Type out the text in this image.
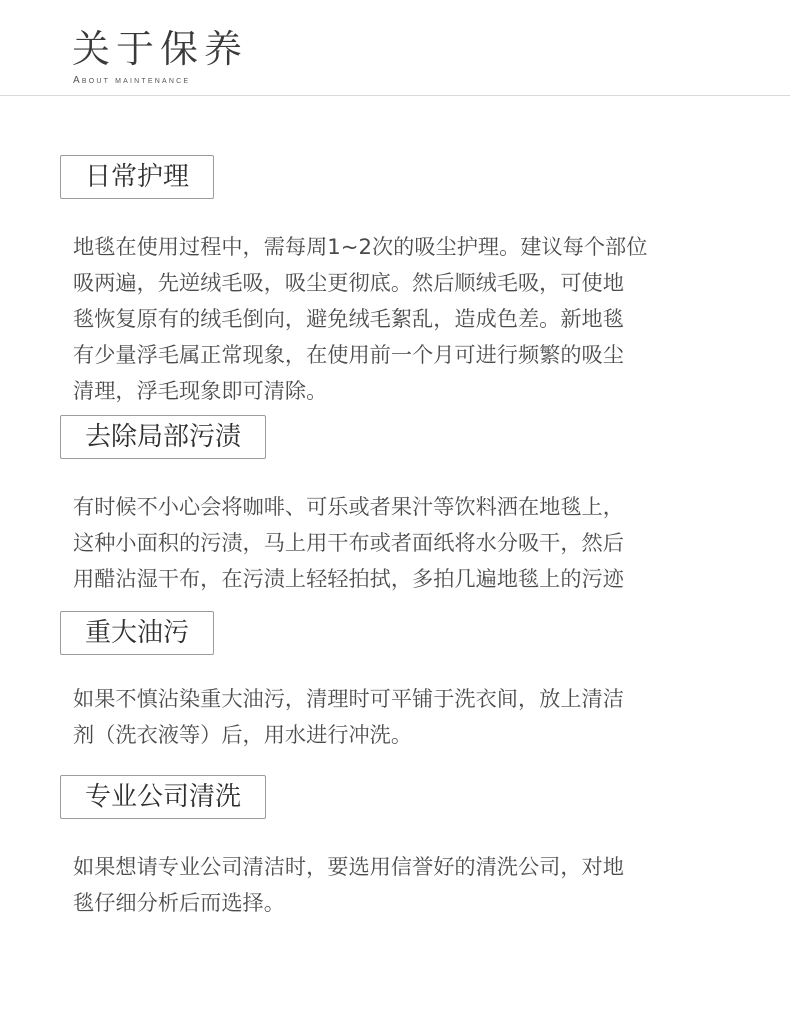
关于保养
About maintenance
日常护理
地毯在使用过程中，需每周1~2次的吸尘护理。建议每个部位
吸两遍，先逆绒毛吸，吸尘更彻底。然后顺绒毛吸，可使地
毯恢复原有的绒毛倒向，避免绒毛絮乱，造成色差。新地毯
有少量浮毛属正常现象，在使用前一个月可进行频繁的吸尘
清理，浮毛现象即可清除。
去除局部污渍
有时候不小心会将咖啡、可乐或者果汁等饮料洒在地毯上，
这种小面积的污渍，马上用干布或者面纸将水分吸干，然后
用醋沾湿干布，在污渍上轻轻拍拭，多拍几遍地毯上的污迹
重大油污
如果不慎沾染重大油污，清理时可平铺于洗衣间，放上清洁
剂（洗衣液等）后，用水进行冲洗。
专业公司清洗
如果想请专业公司清洁时，要选用信誉好的清洗公司，对地
毯仔细分析后而选择。
